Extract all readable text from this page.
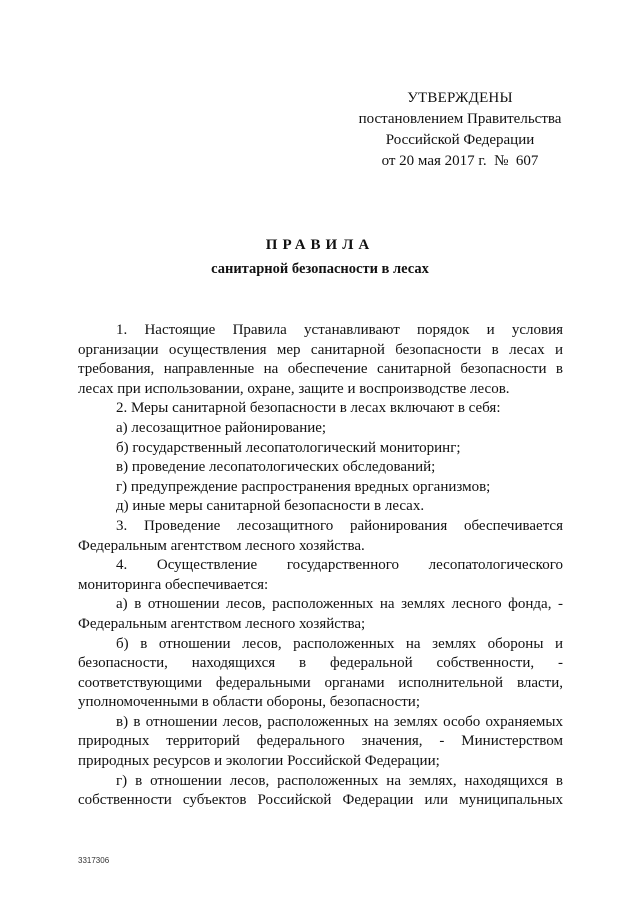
УТВЕРЖДЕНЫ
постановлением Правительства
Российской Федерации
от 20 мая 2017 г.  №  607
ПРАВИЛА
санитарной безопасности в лесах

1. Настоящие Правила устанавливают порядок и условия организации осуществления мер санитарной безопасности в лесах и требования, направленные на обеспечение санитарной безопасности в лесах при использовании, охране, защите и воспроизводстве лесов.

2. Меры санитарной безопасности в лесах включают в себя:

а) лесозащитное районирование;

б) государственный лесопатологический мониторинг;

в) проведение лесопатологических обследований;

г) предупреждение распространения вредных организмов;

д) иные меры санитарной безопасности в лесах.

3. Проведение лесозащитного районирования обеспечивается Федеральным агентством лесного хозяйства.

4. Осуществление государственного лесопатологического мониторинга обеспечивается:

а) в отношении лесов, расположенных на землях лесного фонда, - Федеральным агентством лесного хозяйства;

б) в отношении лесов, расположенных на землях обороны и безопасности, находящихся в федеральной собственности, - соответствующими федеральными органами исполнительной власти, уполномоченными в области обороны, безопасности;

в) в отношении лесов, расположенных на землях особо охраняемых природных территорий федерального значения, - Министерством природных ресурсов и экологии Российской Федерации;

г) в отношении лесов, расположенных на землях, находящихся в собственности субъектов Российской Федерации или муниципальных

3317306
